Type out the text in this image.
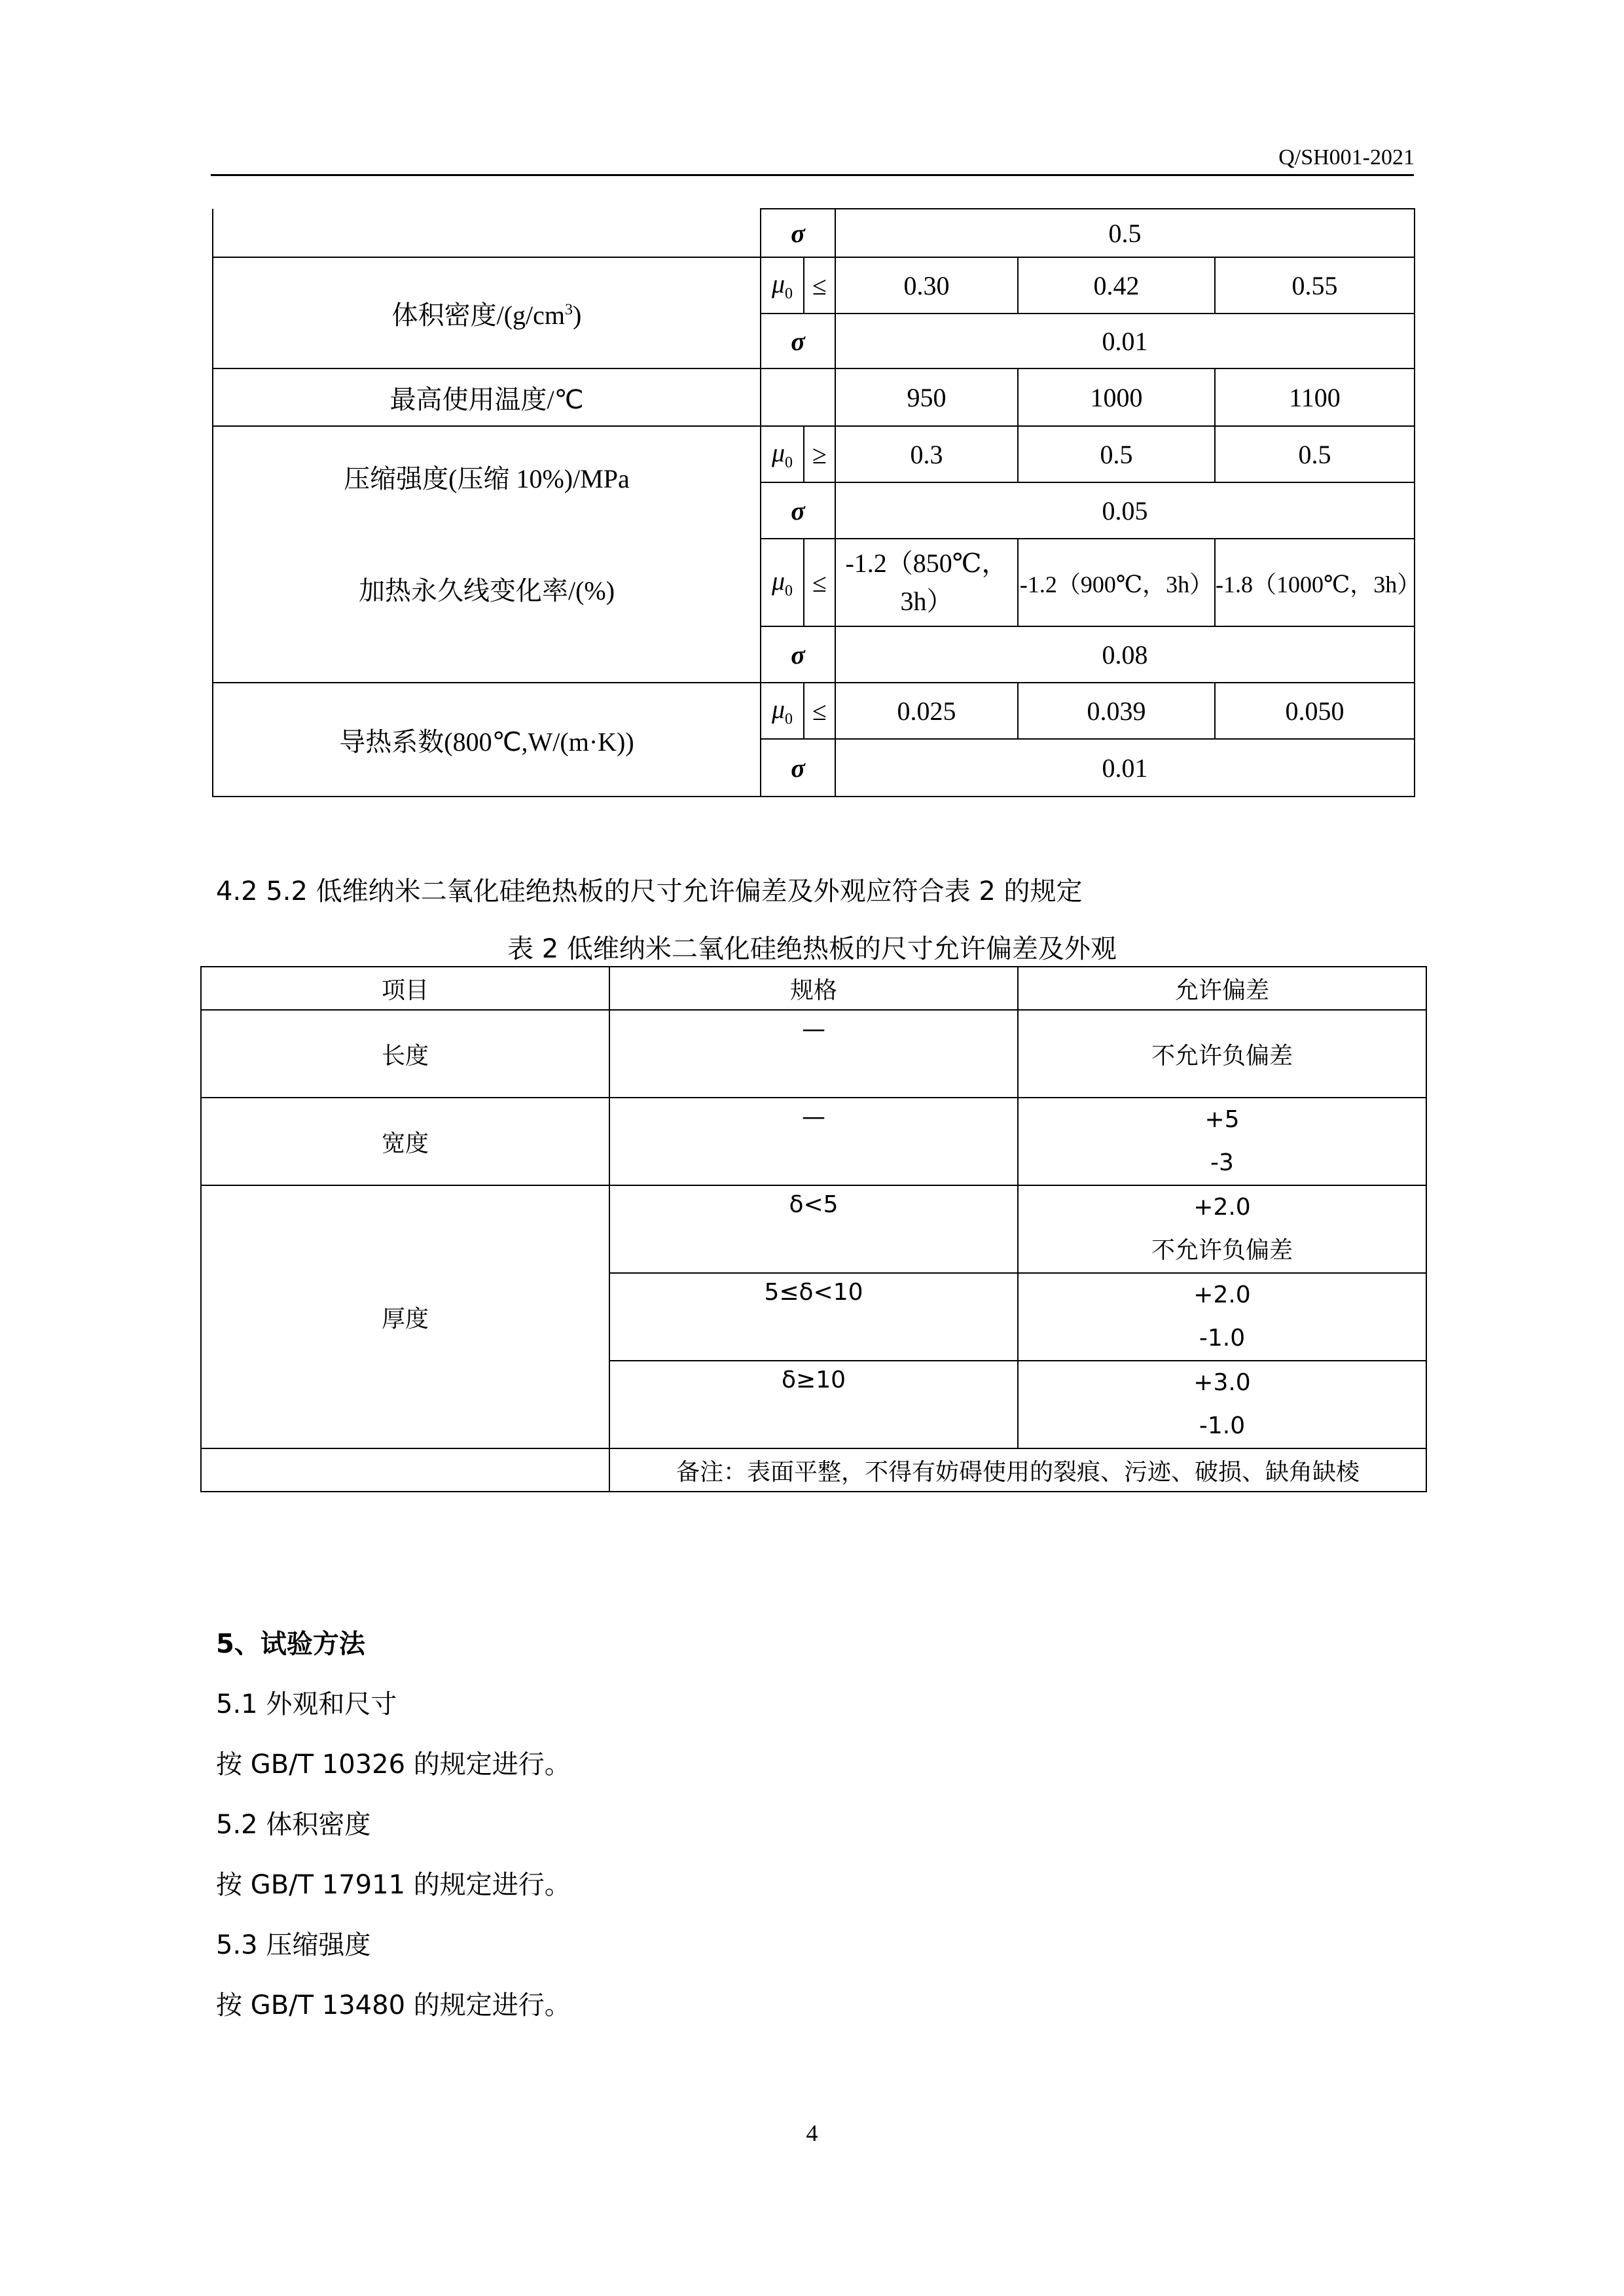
Q/SH001-2021
	σ		0.5		
体积密度$/(g/cm^3)$	$\mu_0$	≤	0.30	0.42	0.55
	σ		0.01		
最高使用温度/℃			950	1000	1100
压缩强度(压缩 10%)/MPa	$\mu_0$	≥	0.3	0.5	0.5
	σ		0.05		
加热永久线变化率/(%)	$\mu_0$	≤	-1.2（850℃，
3h）	-1.2（900℃，3h）	-1.8（1000℃，3h）
	σ		0.08		
导热系数(800℃,W/(m·K))	$\mu_0$	≤	0.025	0.039	0.050
	σ		0.01		
4.2 5.2 低维纳米二氧化硅绝热板的尺寸允许偏差及外观应符合表 2 的规定
表 2 低维纳米二氧化硅绝热板的尺寸允许偏差及外观
项目	规格	允许偏差
长度	—	不允许负偏差
宽度	—	+5
-3

厚度	δ<5	+2.0
不允许负偏差

	5≤δ<10	+2.0
-1.0

	δ≥10	+3.0
-1.0

	备注：表面平整，不得有妨碍使用的裂痕、污迹、破损、缺角缺棱	
5、试验方法
5.1 外观和尺寸
按 GB/T 10326 的规定进行。
5.2 体积密度
按 GB/T 17911 的规定进行。
5.3 压缩强度
按 GB/T 13480 的规定进行。
4
